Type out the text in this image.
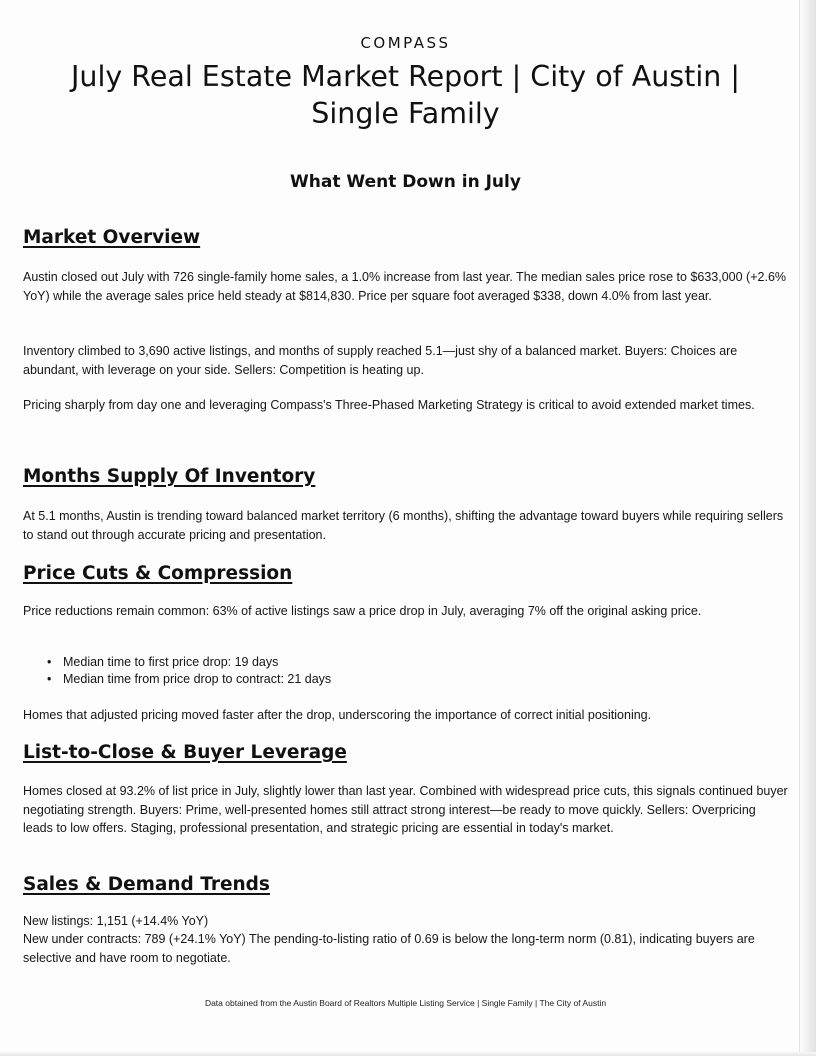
COMPASS
July Real Estate Market Report | City of Austin | Single Family
What Went Down in July
Market Overview

Austin closed out July with 726 single-family home sales, a 1.0% increase from last year. The median sales price rose to $633,000 (+2.6% YoY) while the average sales price held steady at $814,830. Price per square foot averaged $338, down 4.0% from last year.

Inventory climbed to 3,690 active listings, and months of supply reached 5.1—just shy of a balanced market. Buyers: Choices are abundant, with leverage on your side. Sellers: Competition is heating up.

Pricing sharply from day one and leveraging Compass's Three-Phased Marketing Strategy is critical to avoid extended market times.

Months Supply Of Inventory

At 5.1 months, Austin is trending toward balanced market territory (6 months), shifting the advantage toward buyers while requiring sellers to stand out through accurate pricing and presentation.

Price Cuts & Compression

Price reductions remain common: 63% of active listings saw a price drop in July, averaging 7% off the original asking price.

• Median time to first price drop: 19 days
• Median time from price drop to contract: 21 days

Homes that adjusted pricing moved faster after the drop, underscoring the importance of correct initial positioning.

List-to-Close & Buyer Leverage

Homes closed at 93.2% of list price in July, slightly lower than last year. Combined with widespread price cuts, this signals continued buyer negotiating strength. Buyers: Prime, well-presented homes still attract strong interest—be ready to move quickly. Sellers: Overpricing leads to low offers. Staging, professional presentation, and strategic pricing are essential in today's market.

Sales & Demand Trends

New listings: 1,151 (+14.4% YoY)

New under contracts: 789 (+24.1% YoY) The pending-to-listing ratio of 0.69 is below the long-term norm (0.81), indicating buyers are selective and have room to negotiate.

Data obtained from the Austin Board of Realtors Multiple Listing Service | Single Family | The City of Austin
